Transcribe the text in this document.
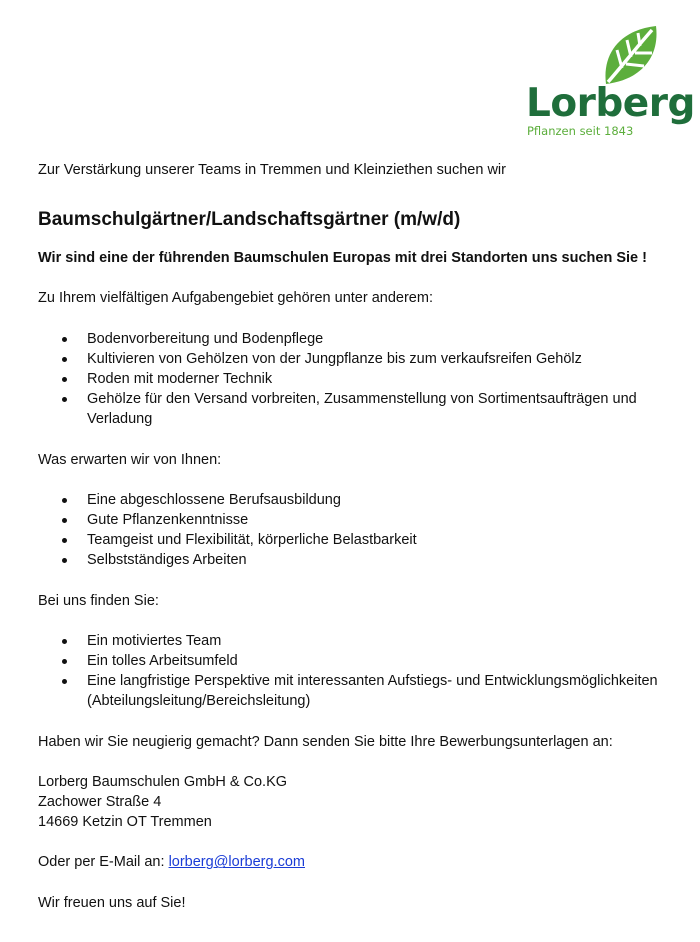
Lorberg
Pflanzen seit 1843

Zur Verstärkung unserer Teams in Tremmen und Kleinziethen suchen wir

Baumschulgärtner/Landschaftsgärtner (m/w/d)

Wir sind eine der führenden Baumschulen Europas mit drei Standorten uns suchen Sie !

Zu Ihrem vielfältigen Aufgabengebiet gehören unter anderem:

Bodenvorbereitung und Bodenpflege
Kultivieren von Gehölzen von der Jungpflanze bis zum verkaufsreifen Gehölz
Roden mit moderner Technik
Gehölze für den Versand vorbreiten, Zusammenstellung von Sortimentsaufträgen und Verladung

Was erwarten wir von Ihnen:

Eine abgeschlossene Berufsausbildung
Gute Pflanzenkenntnisse
Teamgeist und Flexibilität, körperliche Belastbarkeit
Selbstständiges Arbeiten

Bei uns finden Sie:

Ein motiviertes Team
Ein tolles Arbeitsumfeld
Eine langfristige Perspektive mit interessanten Aufstiegs- und Entwicklungsmöglichkeiten (Abteilungsleitung/Bereichsleitung)

Haben wir Sie neugierig gemacht? Dann senden Sie bitte Ihre Bewerbungsunterlagen an:

Lorberg Baumschulen GmbH & Co.KG

Zachower Straße 4

14669 Ketzin OT Tremmen

Oder per E-Mail an: lorberg@lorberg.com

Wir freuen uns auf Sie!
